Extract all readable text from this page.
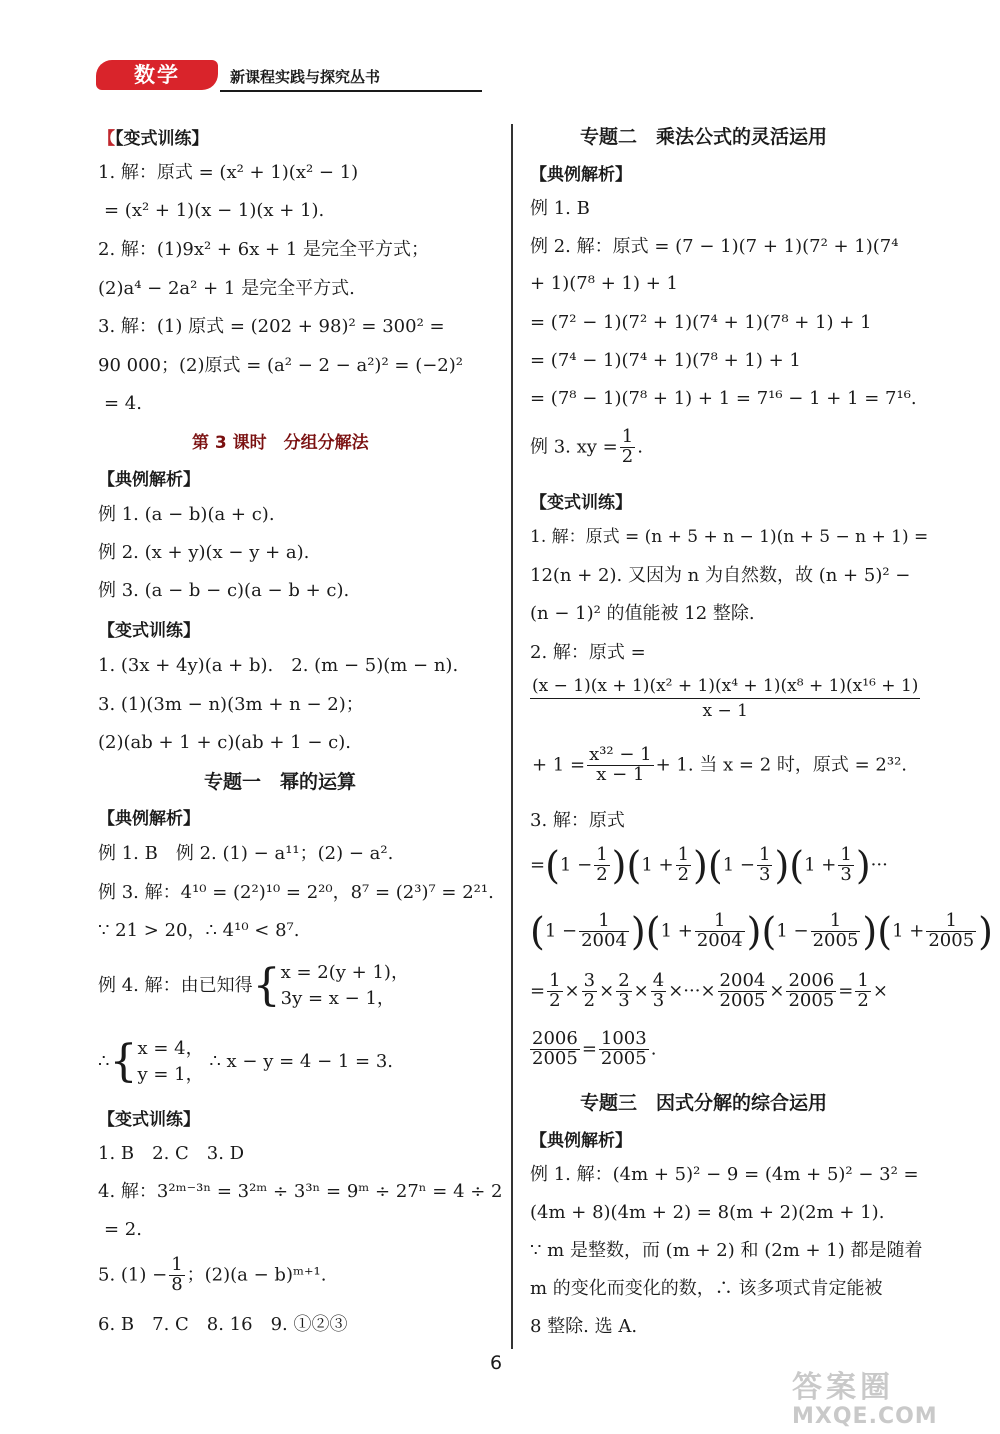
数学	新课程实践与探究丛书
【【变式训练】
1. 解：原式 = (x² + 1)(x² − 1)
= (x² + 1)(x − 1)(x + 1).
2. 解：(1)9x² + 6x + 1 是完全平方式；
(2)a⁴ − 2a² + 1 是完全平方式.
3. 解：(1) 原式 = (202 + 98)² = 300² =
90 000；(2)原式 = (a² − 2 − a²)² = (−2)²
= 4.
第 3 课时　分组分解法
【典例解析】
例 1. (a − b)(a + c).
例 2. (x + y)(x − y + a).
例 3. (a − b − c)(a − b + c).
【变式训练】
1. (3x + 4y)(a + b).　2. (m − 5)(m − n).
3. (1)(3m − n)(3m + n − 2)；
(2)(ab + 1 + c)(ab + 1 − c).
专题一　幂的运算
【典例解析】
例 1. B　例 2. (1) − a¹¹；(2) − a².
例 3. 解：4¹⁰ = (2²)¹⁰ = 2²⁰，8⁷ = (2³)⁷ = 2²¹.
∵ 21 > 20，∴ 4¹⁰ < 8⁷.
例 4. 解：由已知得{ x = 2(y + 1)，
3y = x − 1，
∴{ x = 4，
y = 1，
∴ x − y = 4 − 1 = 3.
【变式训练】
1. B　2. C　3. D
4. 解：3²ᵐ⁻³ⁿ = 3²ᵐ ÷ 3³ⁿ = 9ᵐ ÷ 27ⁿ = 4 ÷ 2
= 2.
5. $(1) - \frac{1}{8}$ ；(2)(a − b)ᵐ⁺¹.
6. B　7. C　8. 16　9. ①②③
专题二　乘法公式的灵活运用
【典例解析】
例 1. B
例 2. 解：原式 = (7 − 1)(7 + 1)(7² + 1)(7⁴
+ 1)(7⁸ + 1) + 1
= (7² − 1)(7² + 1)(7⁴ + 1)(7⁸ + 1) + 1
= (7⁴ − 1)(7⁴ + 1)(7⁸ + 1) + 1
= (7⁸ − 1)(7⁸ + 1) + 1 = 7¹⁶ − 1 + 1 = 7¹⁶.
例 3. xy = $\frac{1}{2}$ .
【变式训练】
1. 解：原式 = (n + 5 + n − 1)(n + 5 − n + 1) =
12(n + 2). 又因为 n 为自然数，故 (n + 5)² −
(n − 1)² 的值能被 12 整除.
2. 解：原式 =
$\frac{\text{(x − 1)(x + 1)(x² + 1)(x⁴ + 1)(x⁸ + 1)(x¹⁶ + 1)}}{x - 1}$
+ $1 = \frac{\text{x³² − 1}}{x - 1} + 1$. 当 x = 2 时，原式 = 2³².
3. 解：原式
$=(1 - \frac{1}{2} )(1 + \frac{1}{2} )(1 - \frac{1}{3} )(1 + \frac{1}{3}$ )···
$(1 - \frac{1}{2004} )(1 + \frac{1}{2004} )(1 - \frac{1}{2005} )(1 + \frac{1}{2005}$ )
= $\frac{1}{2} \times \frac{3}{2} \times \frac{2}{3} \times \frac{4}{3}$ ×···× $\frac{2004}{2005} \times \frac{2006}{2005} = \frac{1}{2}$ ×
$\frac{2006}{2005} = \frac{1003}{2005}$ .
专题三　因式分解的综合运用
【典例解析】
例 1. 解：(4m + 5)² − 9 = (4m + 5)² − 3² =
(4m + 8)(4m + 2) = 8(m + 2)(2m + 1).
∵ m 是整数，而 (m + 2) 和 (2m + 1) 都是随着
m 的变化而变化的数，∴ 该多项式肯定能被
8 整除. 选 A.
6
答案圈
MXQE.COM
